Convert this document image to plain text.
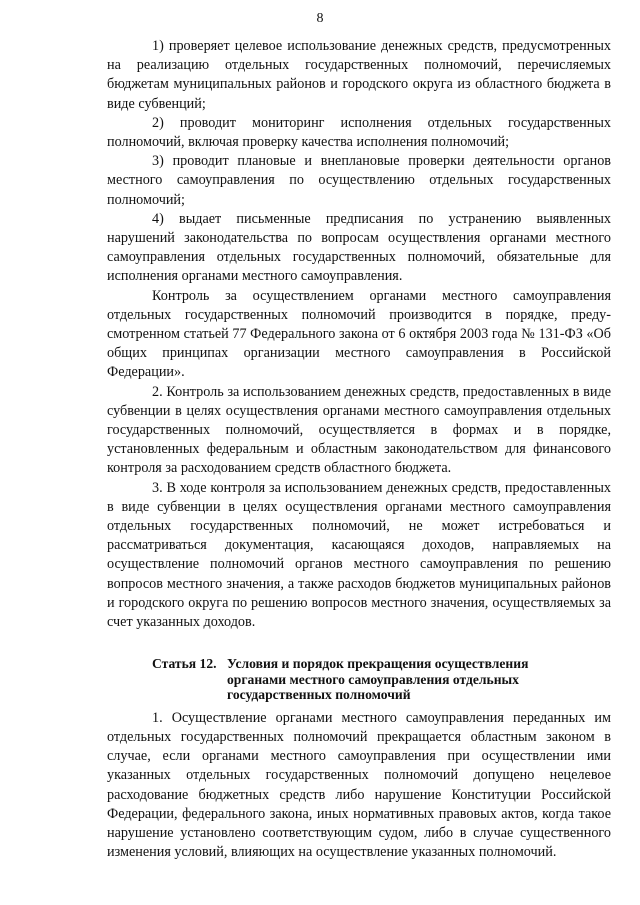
8

1) проверяет целевое использование денежных средств, предусмотренных на реализацию отдельных государственных полномочий, перечисляемых бюджетам муниципальных районов и городского округа из областного бюджета в виде субвенций;

2) проводит мониторинг исполнения отдельных государственных полномочий, включая проверку качества исполнения полномочий;

3) проводит плановые и внеплановые проверки деятельности органов местного самоуправления по осуществлению отдельных государственных полномочий;

4) выдает письменные предписания по устранению выявленных нарушений законодательства по вопросам осуществления органами местного самоуправления отдельных государственных полномочий, обязательные для исполнения органами местного самоуправления.

Контроль за осуществлением органами местного самоуправления отдельных государственных полномочий производится в порядке, предусмотренном статьей 77 Федерального закона от 6 октября 2003 года № 131-ФЗ «Об общих принципах организации местного самоуправления в Российской Федерации».

2. Контроль за использованием денежных средств, предоставленных в виде субвенции в целях осуществления органами местного самоуправления отдельных государственных полномочий, осуществляется в формах и в порядке, установленных федеральным и областным законодательством для финансового контроля за расходованием средств областного бюджета.

3. В ходе контроля за использованием денежных средств, предоставленных в виде субвенции в целях осуществления органами местного самоуправления отдельных государственных полномочий, не может истребоваться и рассматриваться документация, касающаяся доходов, направляемых на осуществление полномочий органов местного самоуправления по решению вопросов местного значения, а также расходов бюджетов муниципальных районов и городского округа по решению вопросов местного значения, осуществляемых за счет указанных доходов.

Статья 12. Условия и порядок прекращения осуществления органами местного самоуправления отдельных государственных полномочий

1. Осуществление органами местного самоуправления переданных им отдельных государственных полномочий прекращается областным законом в случае, если органами местного самоуправления при осуществлении ими указанных отдельных государственных полномочий допущено нецелевое расходование бюджетных средств либо нарушение Конституции Российской Федерации, федерального закона, иных нормативных правовых актов, когда такое нарушение установлено соответствующим судом, либо в случае существенного изменения условий, влияющих на осуществление указанных полномочий.
